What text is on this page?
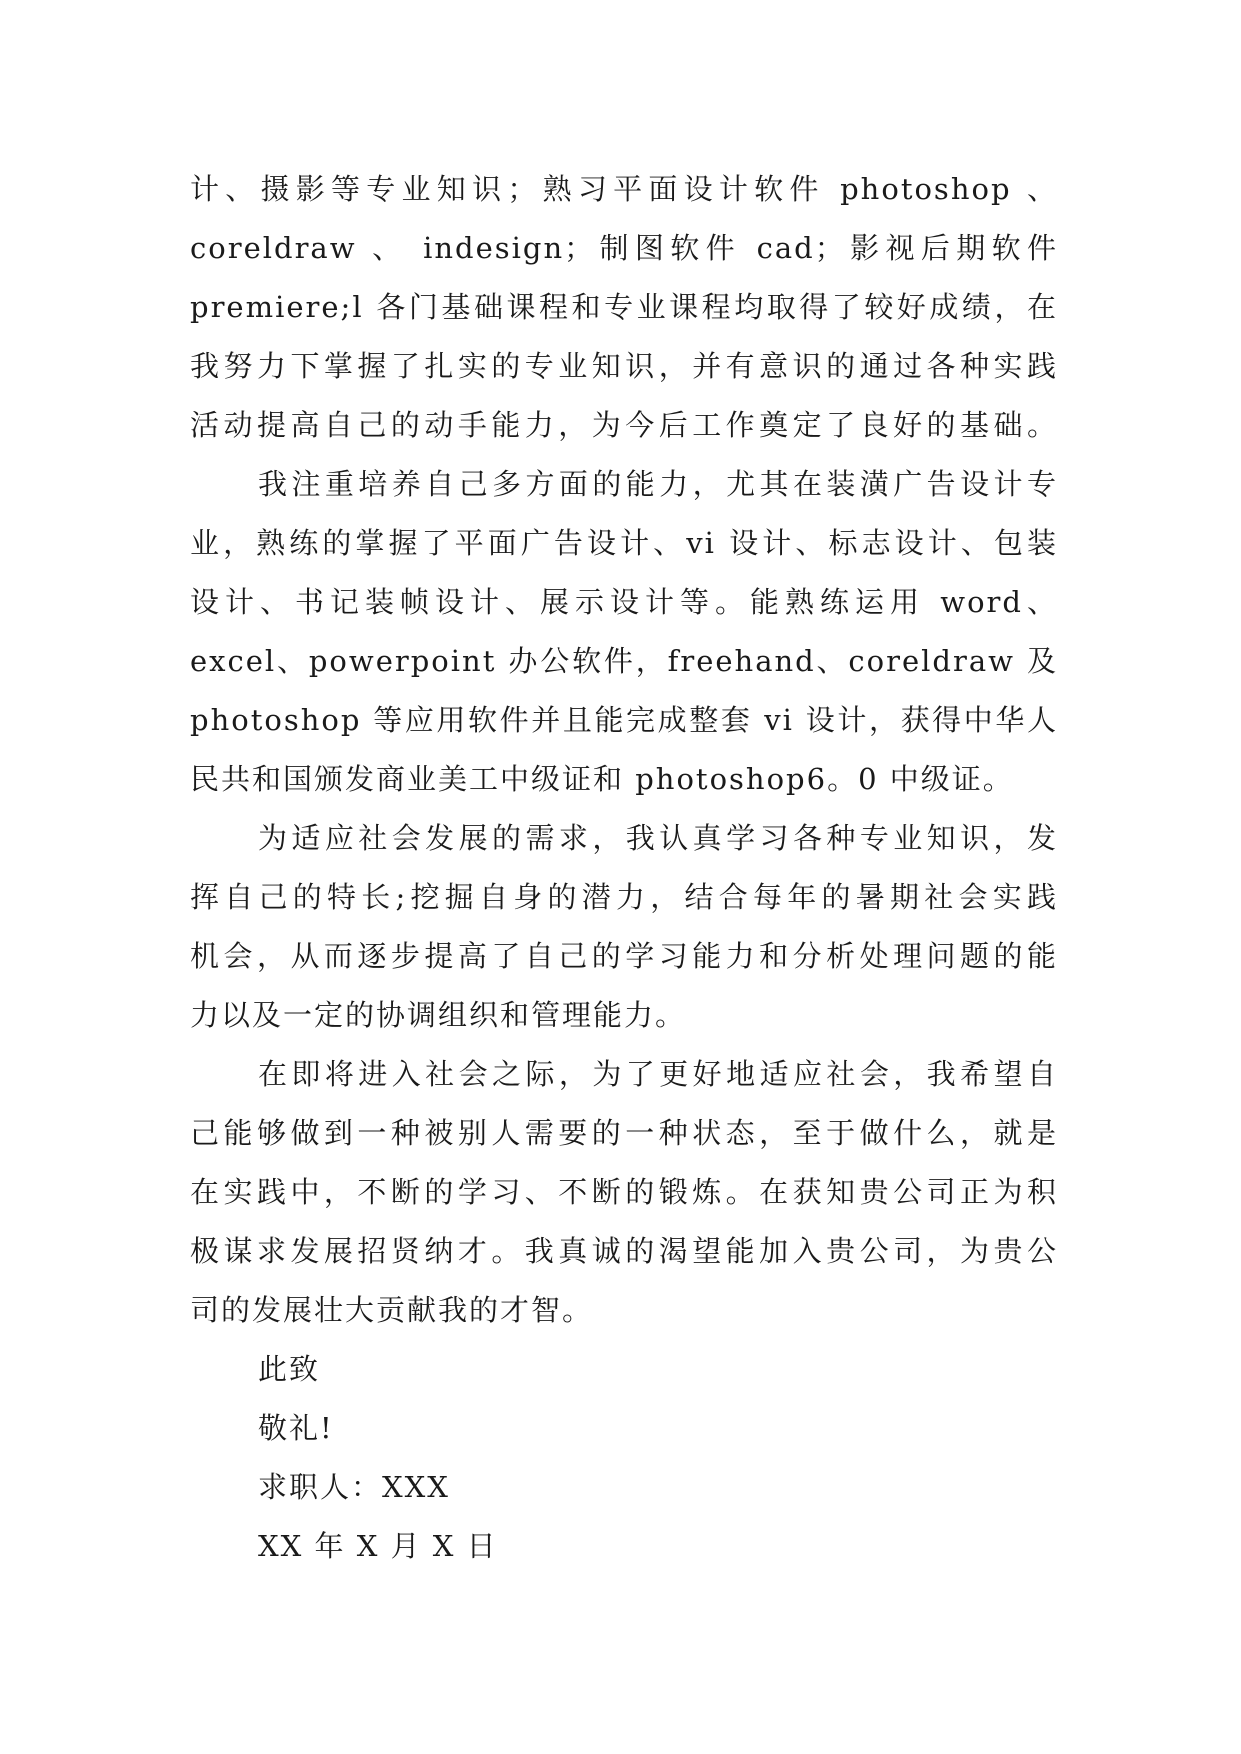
计、摄影等专业知识；熟习平面设计软件 photoshop 、
coreldraw 、 indesign；制图软件 cad；影视后期软件
premiere;l 各门基础课程和专业课程均取得了较好成绩，在
我努力下掌握了扎实的专业知识，并有意识的通过各种实践
活动提高自己的动手能力，为今后工作奠定了良好的基础。
我注重培养自己多方面的能力，尤其在装潢广告设计专
业，熟练的掌握了平面广告设计、vi 设计、标志设计、包装
设计、书记装帧设计、展示设计等。能熟练运用 word、
excel、powerpoint 办公软件，freehand、coreldraw 及
photoshop 等应用软件并且能完成整套 vi 设计，获得中华人
民共和国颁发商业美工中级证和 photoshop6。0 中级证。
为适应社会发展的需求，我认真学习各种专业知识，发
挥自己的特长;挖掘自身的潜力，结合每年的暑期社会实践
机会，从而逐步提高了自己的学习能力和分析处理问题的能
力以及一定的协调组织和管理能力。
在即将进入社会之际，为了更好地适应社会，我希望自
己能够做到一种被别人需要的一种状态，至于做什么，就是
在实践中，不断的学习、不断的锻炼。在获知贵公司正为积
极谋求发展招贤纳才。我真诚的渴望能加入贵公司，为贵公
司的发展壮大贡献我的才智。
此致
敬礼!
求职人：XXX
XX 年 X 月 X 日
